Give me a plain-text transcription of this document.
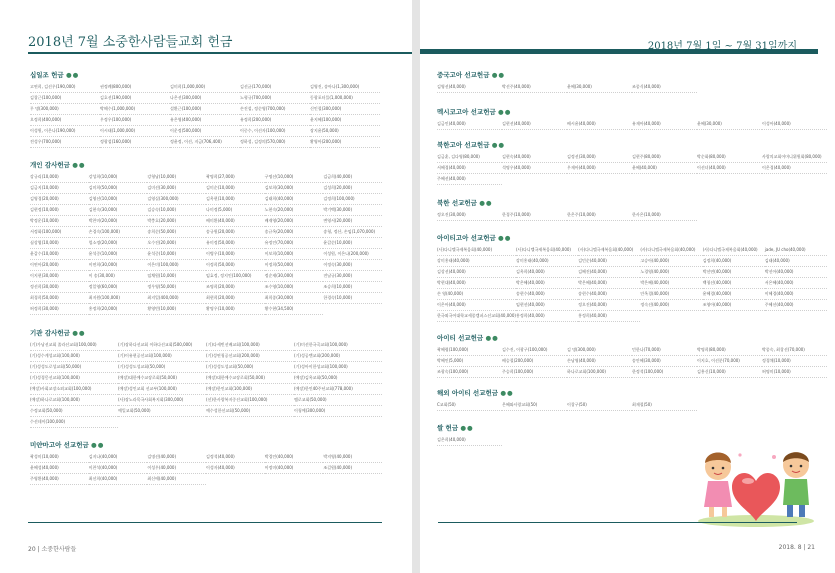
2018년 7월 소중한사람들교회 헌금
십일조 헌금 ●●
고연희, 김선우(190,000)	권정례(800,000)	김미희(1,000,000)	김선균(170,000)	김영진, 송아나(1,300,000)
김창근(100,000)	김호선(190,000)	나은선(300,000)	노형규(700,000)	동광포터플(1,000,000)
무 명(300,000)	박해수(1,000,000)	설환근(100,000)	손진섭, 정순영(700,000)	신인철(300,000)
오정희(400,000)	우정우(100,000)	유은영(400,000)	유정희(200,000)	윤지혜(100,000)
이성원, 이은나(190,000)	이시태(1,000,000)	이운정(500,000)	이중수, 이선자(100,000)	장지윤(50,000)
전성우(700,000)	정광섭(160,000)	정윤정, 이선, 지금(706,400)	정하성, 김정의(570,000)	황영아(200,000)
개인 감사헌금 ●●
강규리(10,000)	강성희(10,000)	강형남(10,000)	곽명희(27,000)	구명선(10,000)	김금희(40,000)
김금지(10,000)	김미희(50,000)	김미선(30,000)	김미순(10,000)	김보희(30,000)	김성희(20,000)
김영경(20,000)	김영선(10,000)	김영실(300,000)	김옥현(10,000)	김태희(40,000)	김정희(100,000)
김현정(10,000)	김현숙(30,000)	김승숙(10,000)	나미정(5,000)	노현숙(20,000)	박기백(30,000)
박정운(10,000)	박찬미(20,000)	박충호(20,000)	배미환(40,000)	배재영(20,000)	변영서(20,000)
서정화(100,000)	손경숙(100,000)	송희순(50,000)	송규원(20,000)	송규옥(20,000)	송형, 정산, 손임(1,070,000)
심상엽(10,000)	엄소정(20,000)	오수진(20,000)	유미정(50,000)	유정인(70,000)	윤갑순(10,000)
윤갑수(10,000)	윤석중(10,000)	윤석중(10,000)	이병우(10,000)	이보희(10,000)	이성원, 이은나(200,000)
이연아(20,000)	이연희(30,000)	이은미(100,000)	이정희(50,000)	이정희(50,000)	이정숙(30,000)
이지현(30,000)	이 송(30,000)	임채원(10,000)	임효정, 정지인(100,000)	정순제(30,000)	전남규(30,000)
정선희(30,000)	정일영(60,000)	정우영(50,000)	조명희(20,000)	조수영(10,000)	조승희(10,000)
최경희(50,000)	최지원(100,000)	최지일(400,000)	최현희(20,000)	최희종(30,000)	한경숙(10,000)
허정희(30,000)	홍정희(20,000)	황영빈(10,000)	황명우(10,000)	황수현(34,500)
기관 감사헌금 ●●
(기)가남선교회 졸라선교회(100,000)	(기)장하다선교회 이하다선교회(500,000)	(기)다세빈선배교회(100,000)	(기)미선한국곡교회(100,000)
(기)성수계성교회(100,000)	(기)이유현공선교회(100,000)	(기)성연청공선교회(200,000)	(기)성공맨교회(200,000)
(기)성성도로성교회(50,000)	(기)성성도성교회(50,000)	(기)성성도성교회(50,000)	(기)성아이한성교회(100,000)
(기)성경몽선교회(100,000)	(예장)대한예수교장로회(50,000)	(예장)대한예수교장로회(50,000)	(예장)김옥교회(50,000)
(예장)사회교장소외교회(100,000)	(예장)성인교회 선교부(100,000)	(예장)한인교회(100,000)	(예장)한인40주년교회(778,000)
(예장)하나로교회(100,000)	(사)장노라목국사회복지회(300,000)	(선)한사랑복지중선교회(100,000)	엠로교회(50,000)
수정교회(50,000)	예일교회(50,000)	예수성한선교회(50,000)	이청예(300,000)
수선데이(100,000)
미얀마고아 선교헌금 ●●
곽성미(10,000)	김지나(40,000)	김명선(40,000)	김정석(40,000)	박경인(40,000)	박지영(40,000)
윤혜성(40,000)	이찬석(40,000)	이성우(40,000)	이성자(40,000)	이정미(40,000)	조길원(40,000)
주영환(40,000)	최선희(40,000)	최신애(40,000)
20 | 소중한사람들
2018년 7월 1일 ~ 7월 31일까지
중국고아 선교헌금 ●●
김영선(40,000)	박선주(40,000)	윤혜(30,000)	조종식(40,000)
멕시코고아 선교헌금 ●●
김금인(40,000)	김현선(40,000)	배시윤(40,000)	유재아(40,000)	윤혜(30,000)	이성아(40,000)
북한고아 선교헌금 ●●
김금훈, 김다영(80,000)	김현숙(40,000)	김정선(30,000)	김현주(80,000)	박순화(80,000)	사랑의교회어머니위원회(80,000)
서혜경(40,000)	석명우(40,000)	우재아(40,000)	윤혜(40,000)	이선녀(40,000)	이은경(40,000)
주혜선(40,000)
북한 선교헌금 ●●
정오진(30,000)	한경주(10,000)	한은주(10,000)	한사은(10,000)
아이티고아 선교헌금 ●●
(사)다니엘국제복음회(40,000)	(사)다니엘국제복음회(40,000)	(사)다니엘국제복음회(40,000)	(사)다니엘국제복음회(40,000)	(사)다니엘국제복음회(40,000)	jade, JU cho(40,000)
강미홍태(40,000)	강미홍태(40,000)	김민순(40,000)	고승아(40,000)	김정희(40,000)	김태(40,000)
김상선(40,000)	김옥희(40,000)	김혜진(40,000)	노경영(40,000)	박선연(40,000)	박선아(40,000)
박현대(40,000)	박은혜(40,000)	박은혜(40,000)	박은혜(40,000)	백청선(40,000)	서은혜(40,000)
손 영(40,000)	송현수(40,000)	송현수(40,000)	안옥경(40,000)	윤혜경(40,000)	이혜경(40,000)
이은아(40,000)	임현선(40,000)	정오진(40,000)	정숙선(40,000)	조영아(40,000)	주혜선(40,000)
한국외국어대학교세종캠퍼스선교회(40,000) 홍정희(40,000)	홍정희(40,000)
아이티 선교헌금 ●●
곽혜령(100,000)	김수진, 이광구(100,000)	김 명(300,000)	민한나(70,000)	박명희(80,000)	박종숙, 최창선(70,000)
박혜인(5,000)	배승철(200,000)	손남영(40,000)	송안혜(30,000)	이지호, 이선분(70,000)	정경채(10,000)
조광숙(100,000)	주승희(100,000)	하나로교회(100,000)	한정석(100,000)	김흥신(10,000)	허명미(10,000)
해외 아이티 선교헌금 ●●
C교회(50)	은혜와사랑교회(50)	이창구(50)	최재철(50)
쌀 헌금 ●●
김은희(40,000)
2018. 8 | 21
